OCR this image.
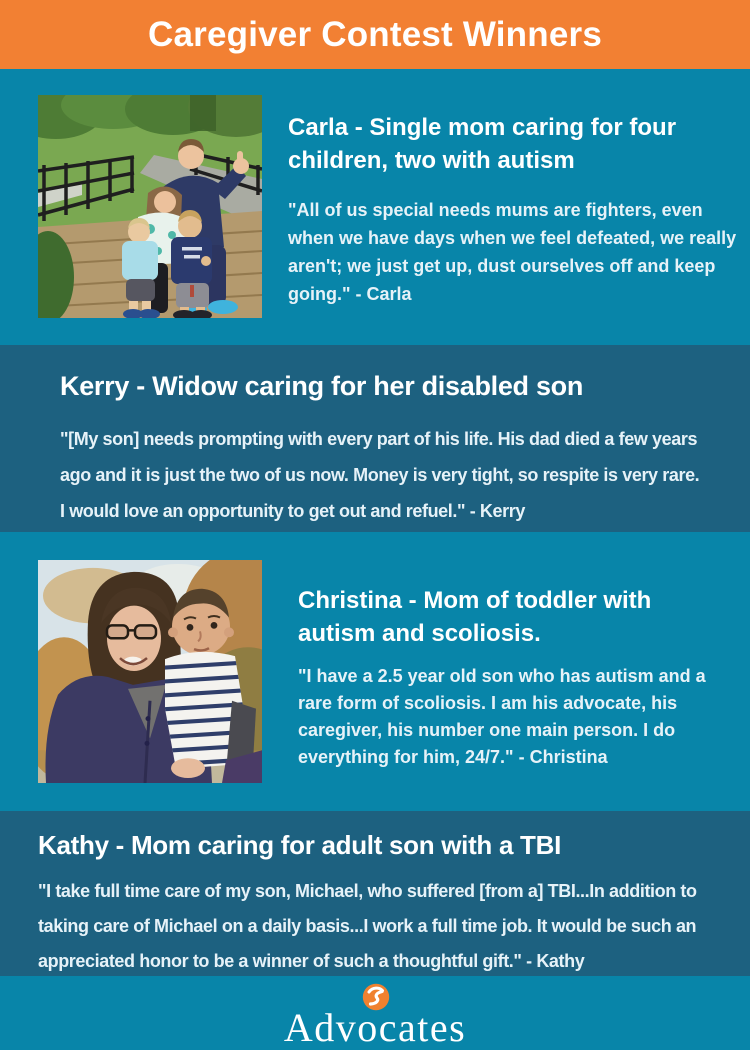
Caregiver Contest Winners
Carla - Single mom caring for four children, two with autism

"All of us special needs mums are fighters, even when we have days when we feel defeated, we really aren't; we just get up, dust ourselves off and keep going." - Carla

Kerry - Widow caring for her disabled son

"[My son] needs prompting with every part of his life. His dad died a few years ago and it is just the two of us now. Money is very tight, so respite is very rare. I would love an opportunity to get out and refuel." - Kerry

Christina - Mom of toddler with autism and scoliosis.

"I have a 2.5 year old son who has autism and a rare form of scoliosis. I am his advocate, his caregiver, his number one main person. I do everything for him, 24/7." - Christina

Kathy - Mom caring for adult son with a TBI

"I take full time care of my son, Michael, who suffered [from a] TBI...In addition to taking care of Michael on a daily basis...I work a full time job. It would be such an appreciated honor to be a winner of such a thoughtful gift." - Kathy

Advocates
